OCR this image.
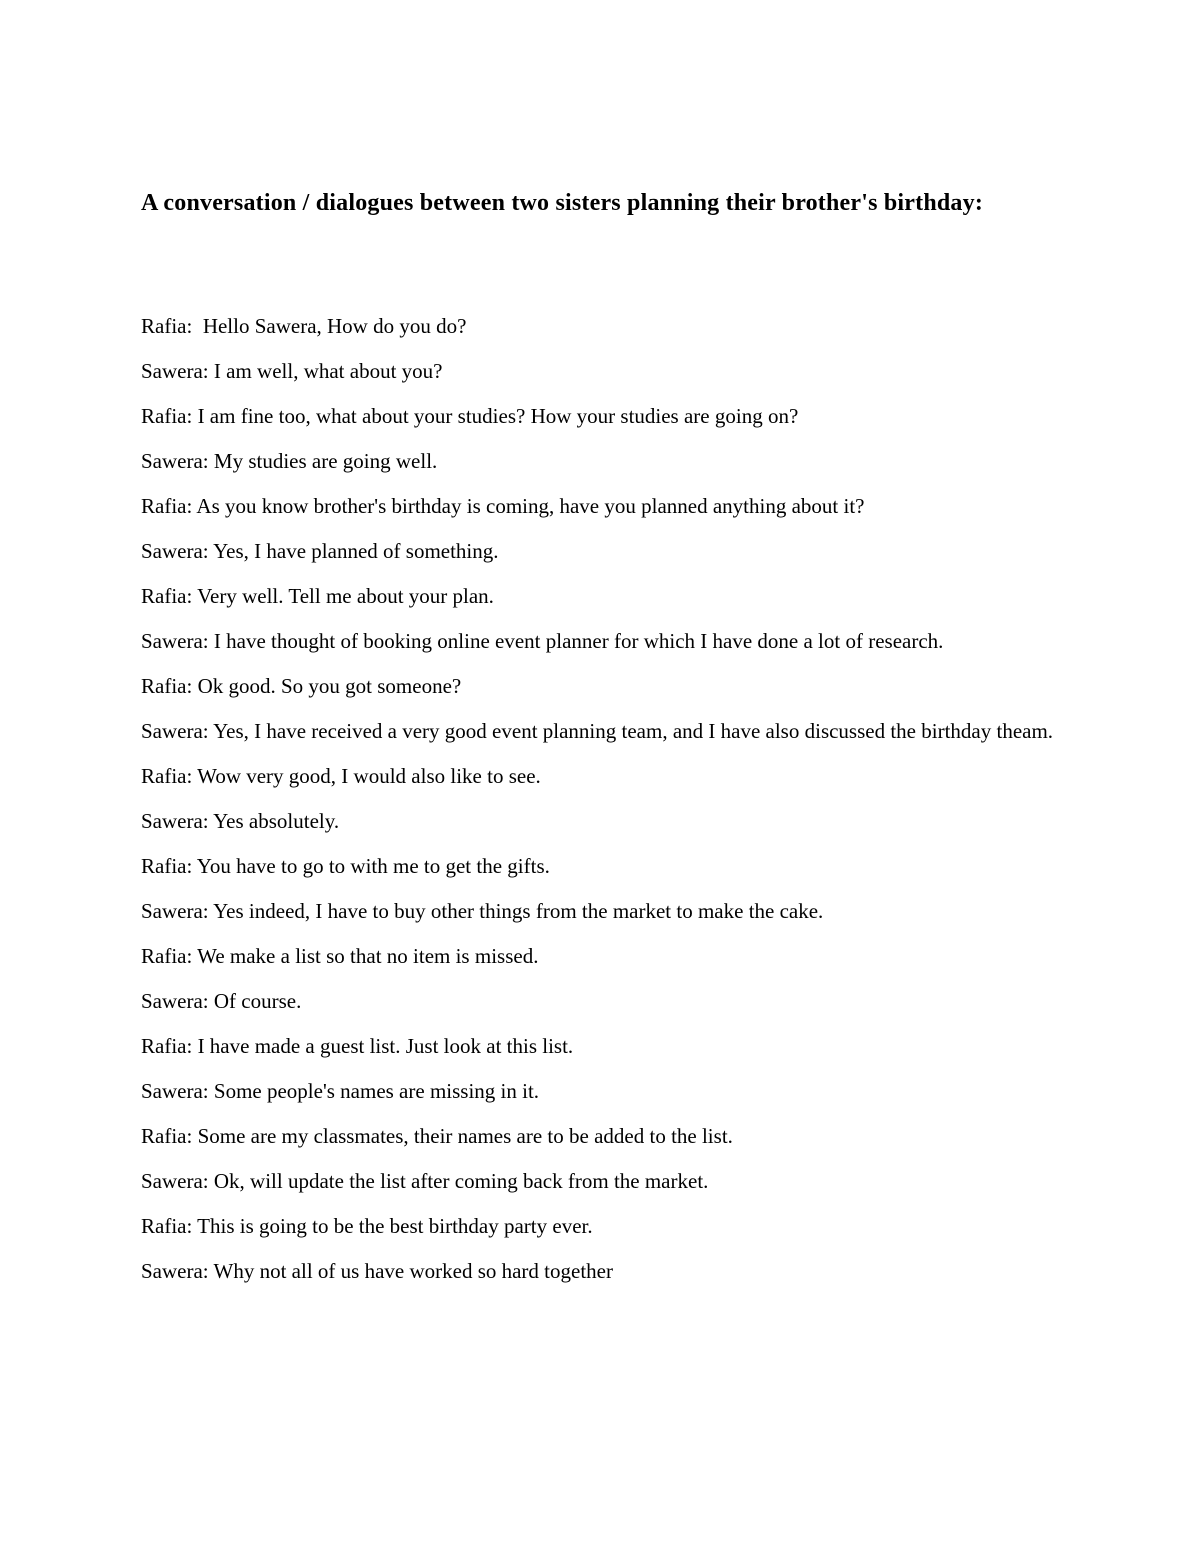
A conversation / dialogues between two sisters planning their brother's birthday:
Rafia:  Hello Sawera, How do you do?
Sawera: I am well, what about you?
Rafia: I am fine too, what about your studies? How your studies are going on?
Sawera: My studies are going well.
Rafia: As you know brother's birthday is coming, have you planned anything about it?
Sawera: Yes, I have planned of something.
Rafia: Very well. Tell me about your plan.
Sawera: I have thought of booking online event planner for which I have done a lot of research.
Rafia: Ok good. So you got someone?
Sawera: Yes, I have received a very good event planning team, and I have also discussed the birthday theam.
Rafia: Wow very good, I would also like to see.
Sawera: Yes absolutely.
Rafia: You have to go to with me to get the gifts.
Sawera: Yes indeed, I have to buy other things from the market to make the cake.
Rafia: We make a list so that no item is missed.
Sawera: Of course.
Rafia: I have made a guest list. Just look at this list.
Sawera: Some people's names are missing in it.
Rafia: Some are my classmates, their names are to be added to the list.
Sawera: Ok, will update the list after coming back from the market.
Rafia: This is going to be the best birthday party ever.
Sawera: Why not all of us have worked so hard together
